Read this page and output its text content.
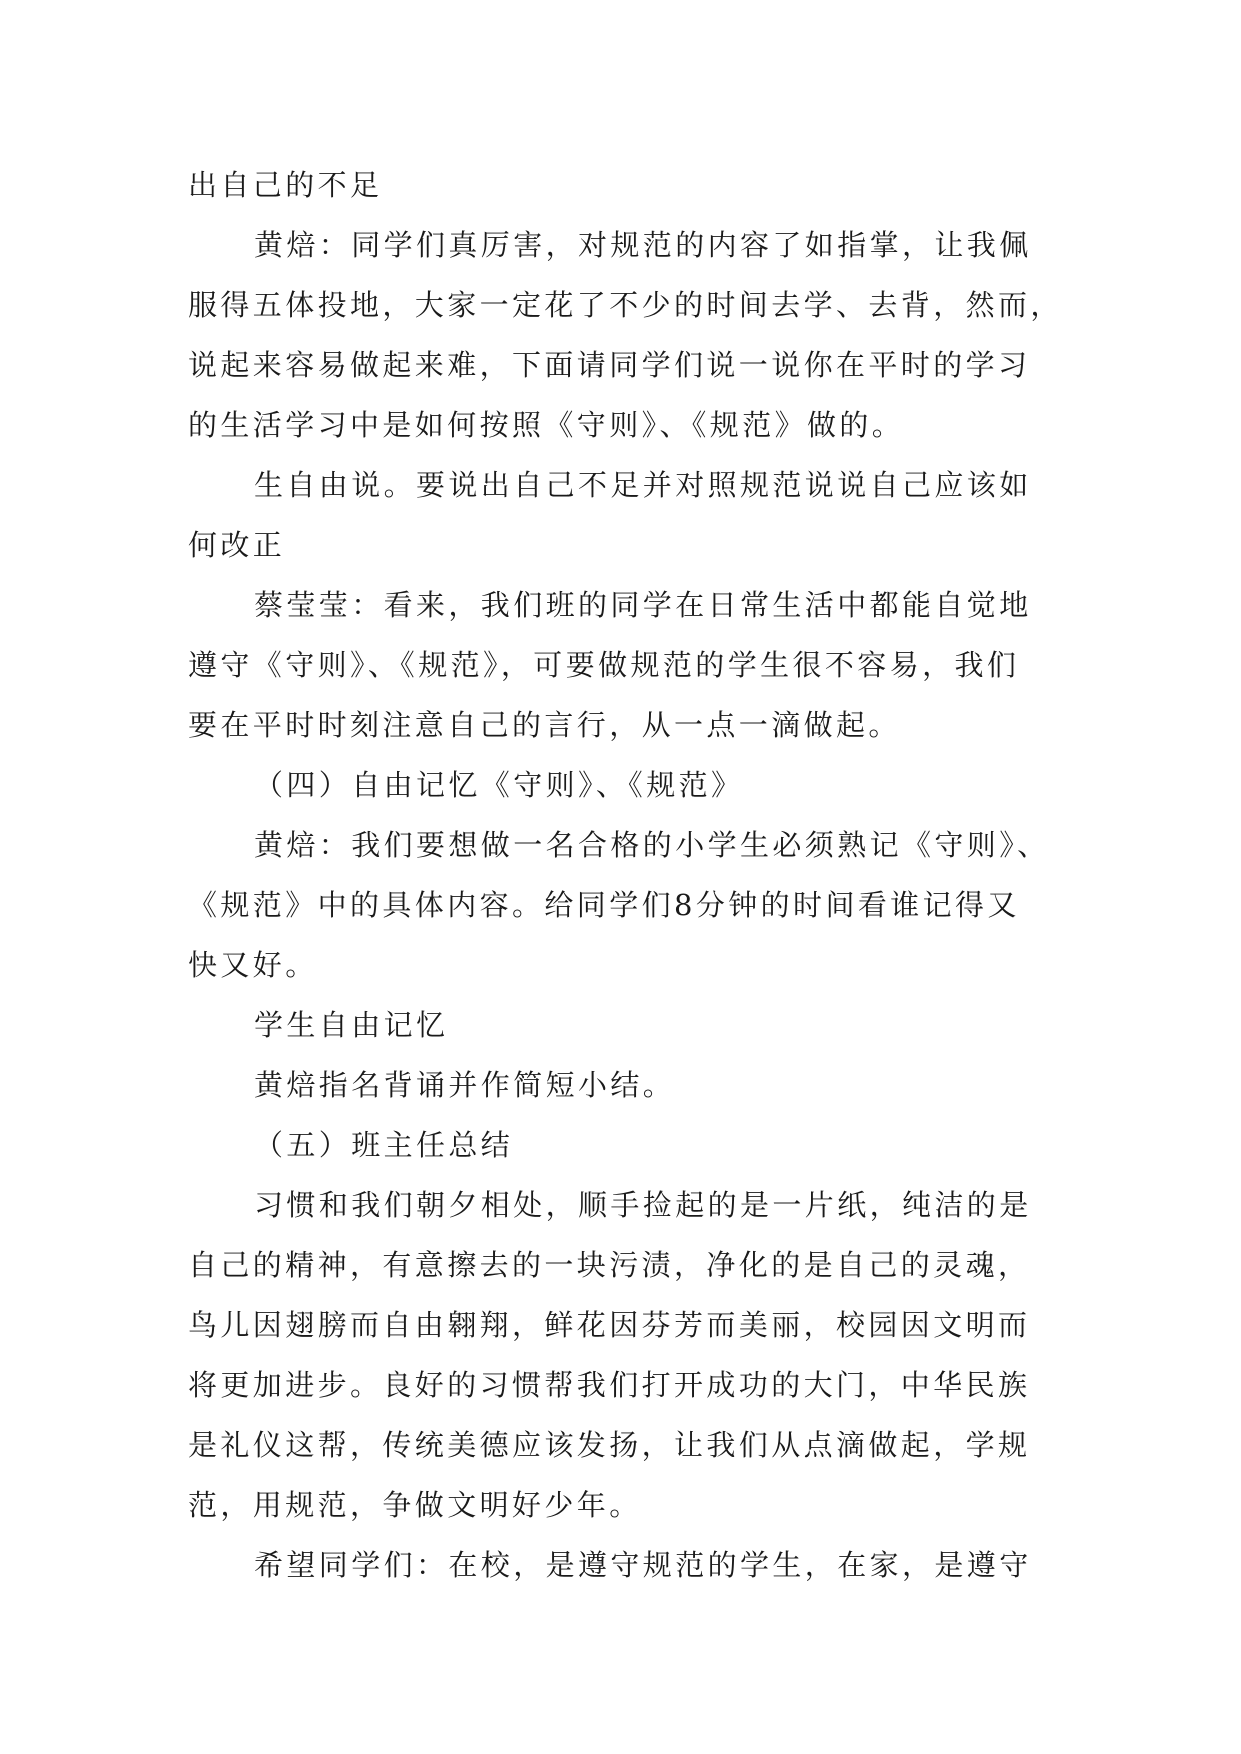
出自己的不足
黄焙：同学们真厉害，对规范的内容了如指掌，让我佩
服得五体投地，大家一定花了不少的时间去学、去背，然而，
说起来容易做起来难，下面请同学们说一说你在平时的学习
的生活学习中是如何按照《守则》、《规范》做的。
生自由说。要说出自己不足并对照规范说说自己应该如
何改正
蔡莹莹：看来，我们班的同学在日常生活中都能自觉地
遵守《守则》、《规范》，可要做规范的学生很不容易，我们
要在平时时刻注意自己的言行，从一点一滴做起。
（四）自由记忆《守则》、《规范》
黄焙：我们要想做一名合格的小学生必须熟记《守则》、
《规范》中的具体内容。给同学们8分钟的时间看谁记得又
快又好。
学生自由记忆
黄焙指名背诵并作简短小结。
（五）班主任总结
习惯和我们朝夕相处，顺手捡起的是一片纸，纯洁的是
自己的精神，有意擦去的一块污渍，净化的是自己的灵魂，
鸟儿因翅膀而自由翱翔，鲜花因芬芳而美丽，校园因文明而
将更加进步。良好的习惯帮我们打开成功的大门，中华民族
是礼仪这帮，传统美德应该发扬，让我们从点滴做起，学规
范，用规范，争做文明好少年。
希望同学们：在校，是遵守规范的学生，在家，是遵守
